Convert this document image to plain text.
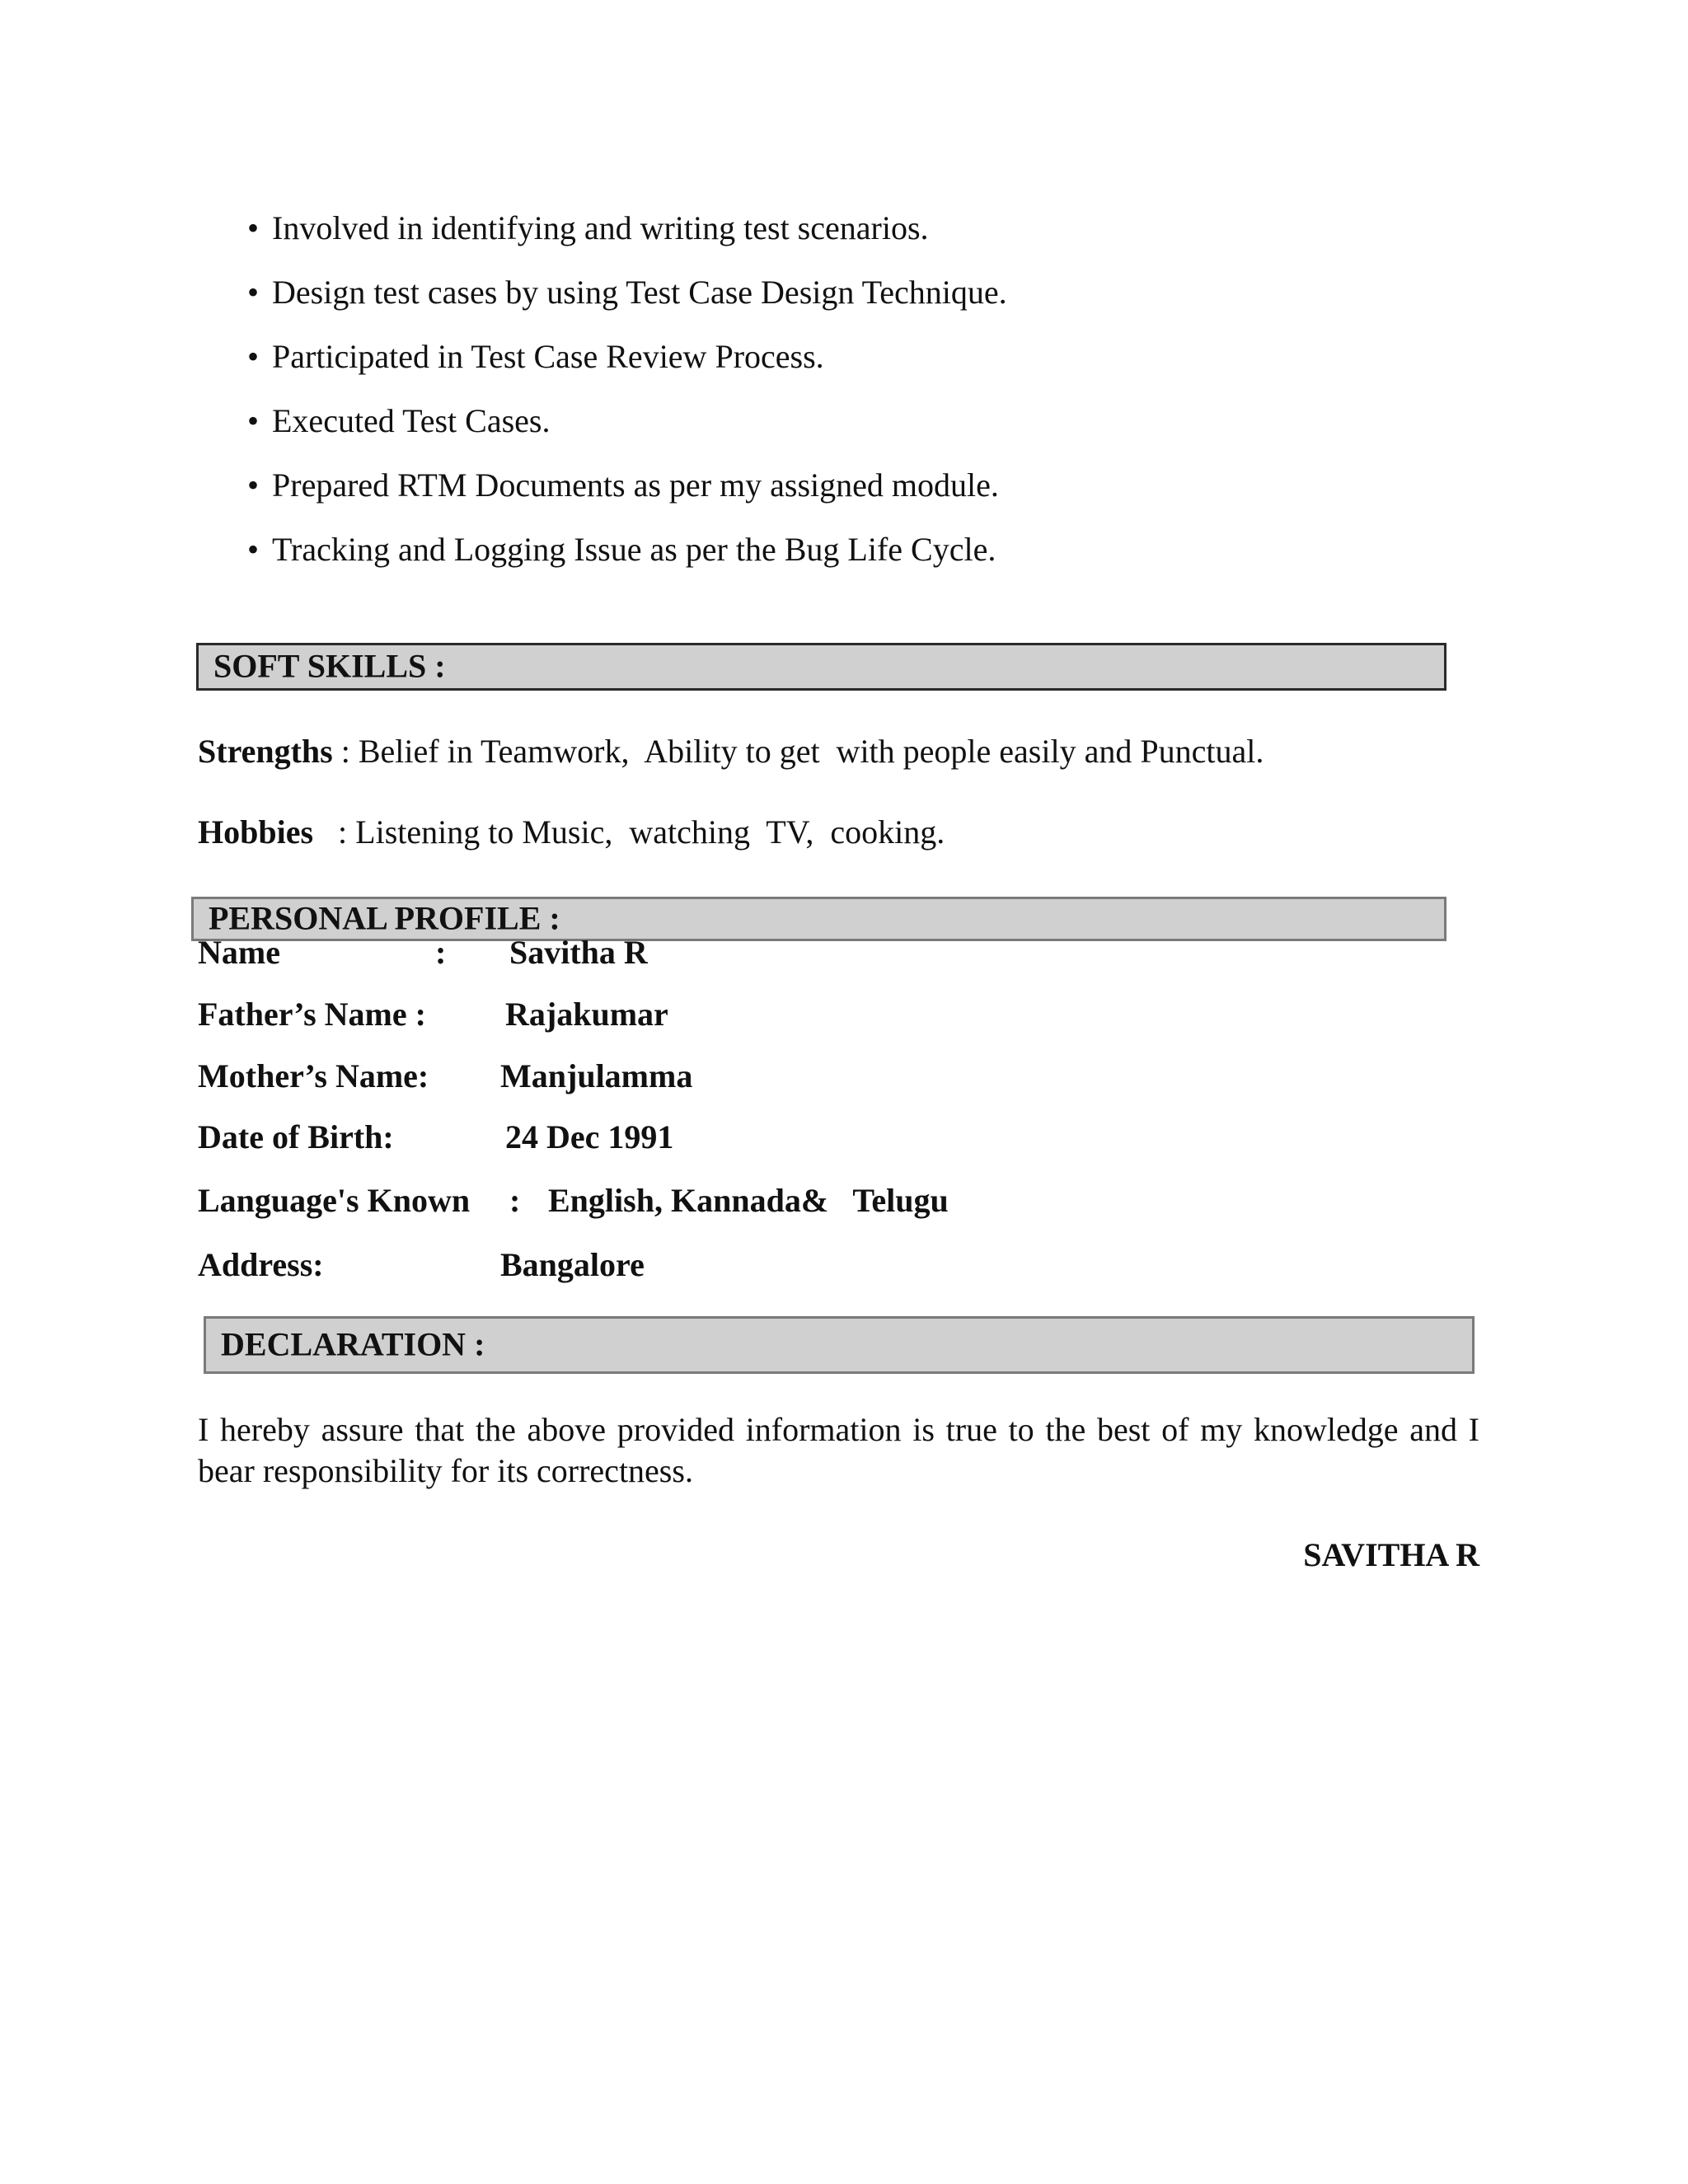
• Involved in identifying and writing test scenarios.
• Design test cases by using Test Case Design Technique.
• Participated in Test Case Review Process.
• Executed Test Cases.
• Prepared RTM Documents as per my assigned module.
• Tracking and Logging Issue as per the Bug Life Cycle.
SOFT SKILLS :
Strengths : Belief in Teamwork,  Ability to get  with people easily and Punctual.
Hobbies   : Listening to Music,  watching  TV,  cooking.
PERSONAL PROFILE :
Name	: Savitha R
Father’s Name : Rajakumar
Mother’s Name: Manjulamma
Date of Birth:	24 Dec 1991
Language's Known : English, Kannada&   Telugu
Address:	Bangalore
DECLARATION :
I hereby assure that the above provided information is true to the best of my knowledge and I bear responsibility for its correctness.
SAVITHA R
